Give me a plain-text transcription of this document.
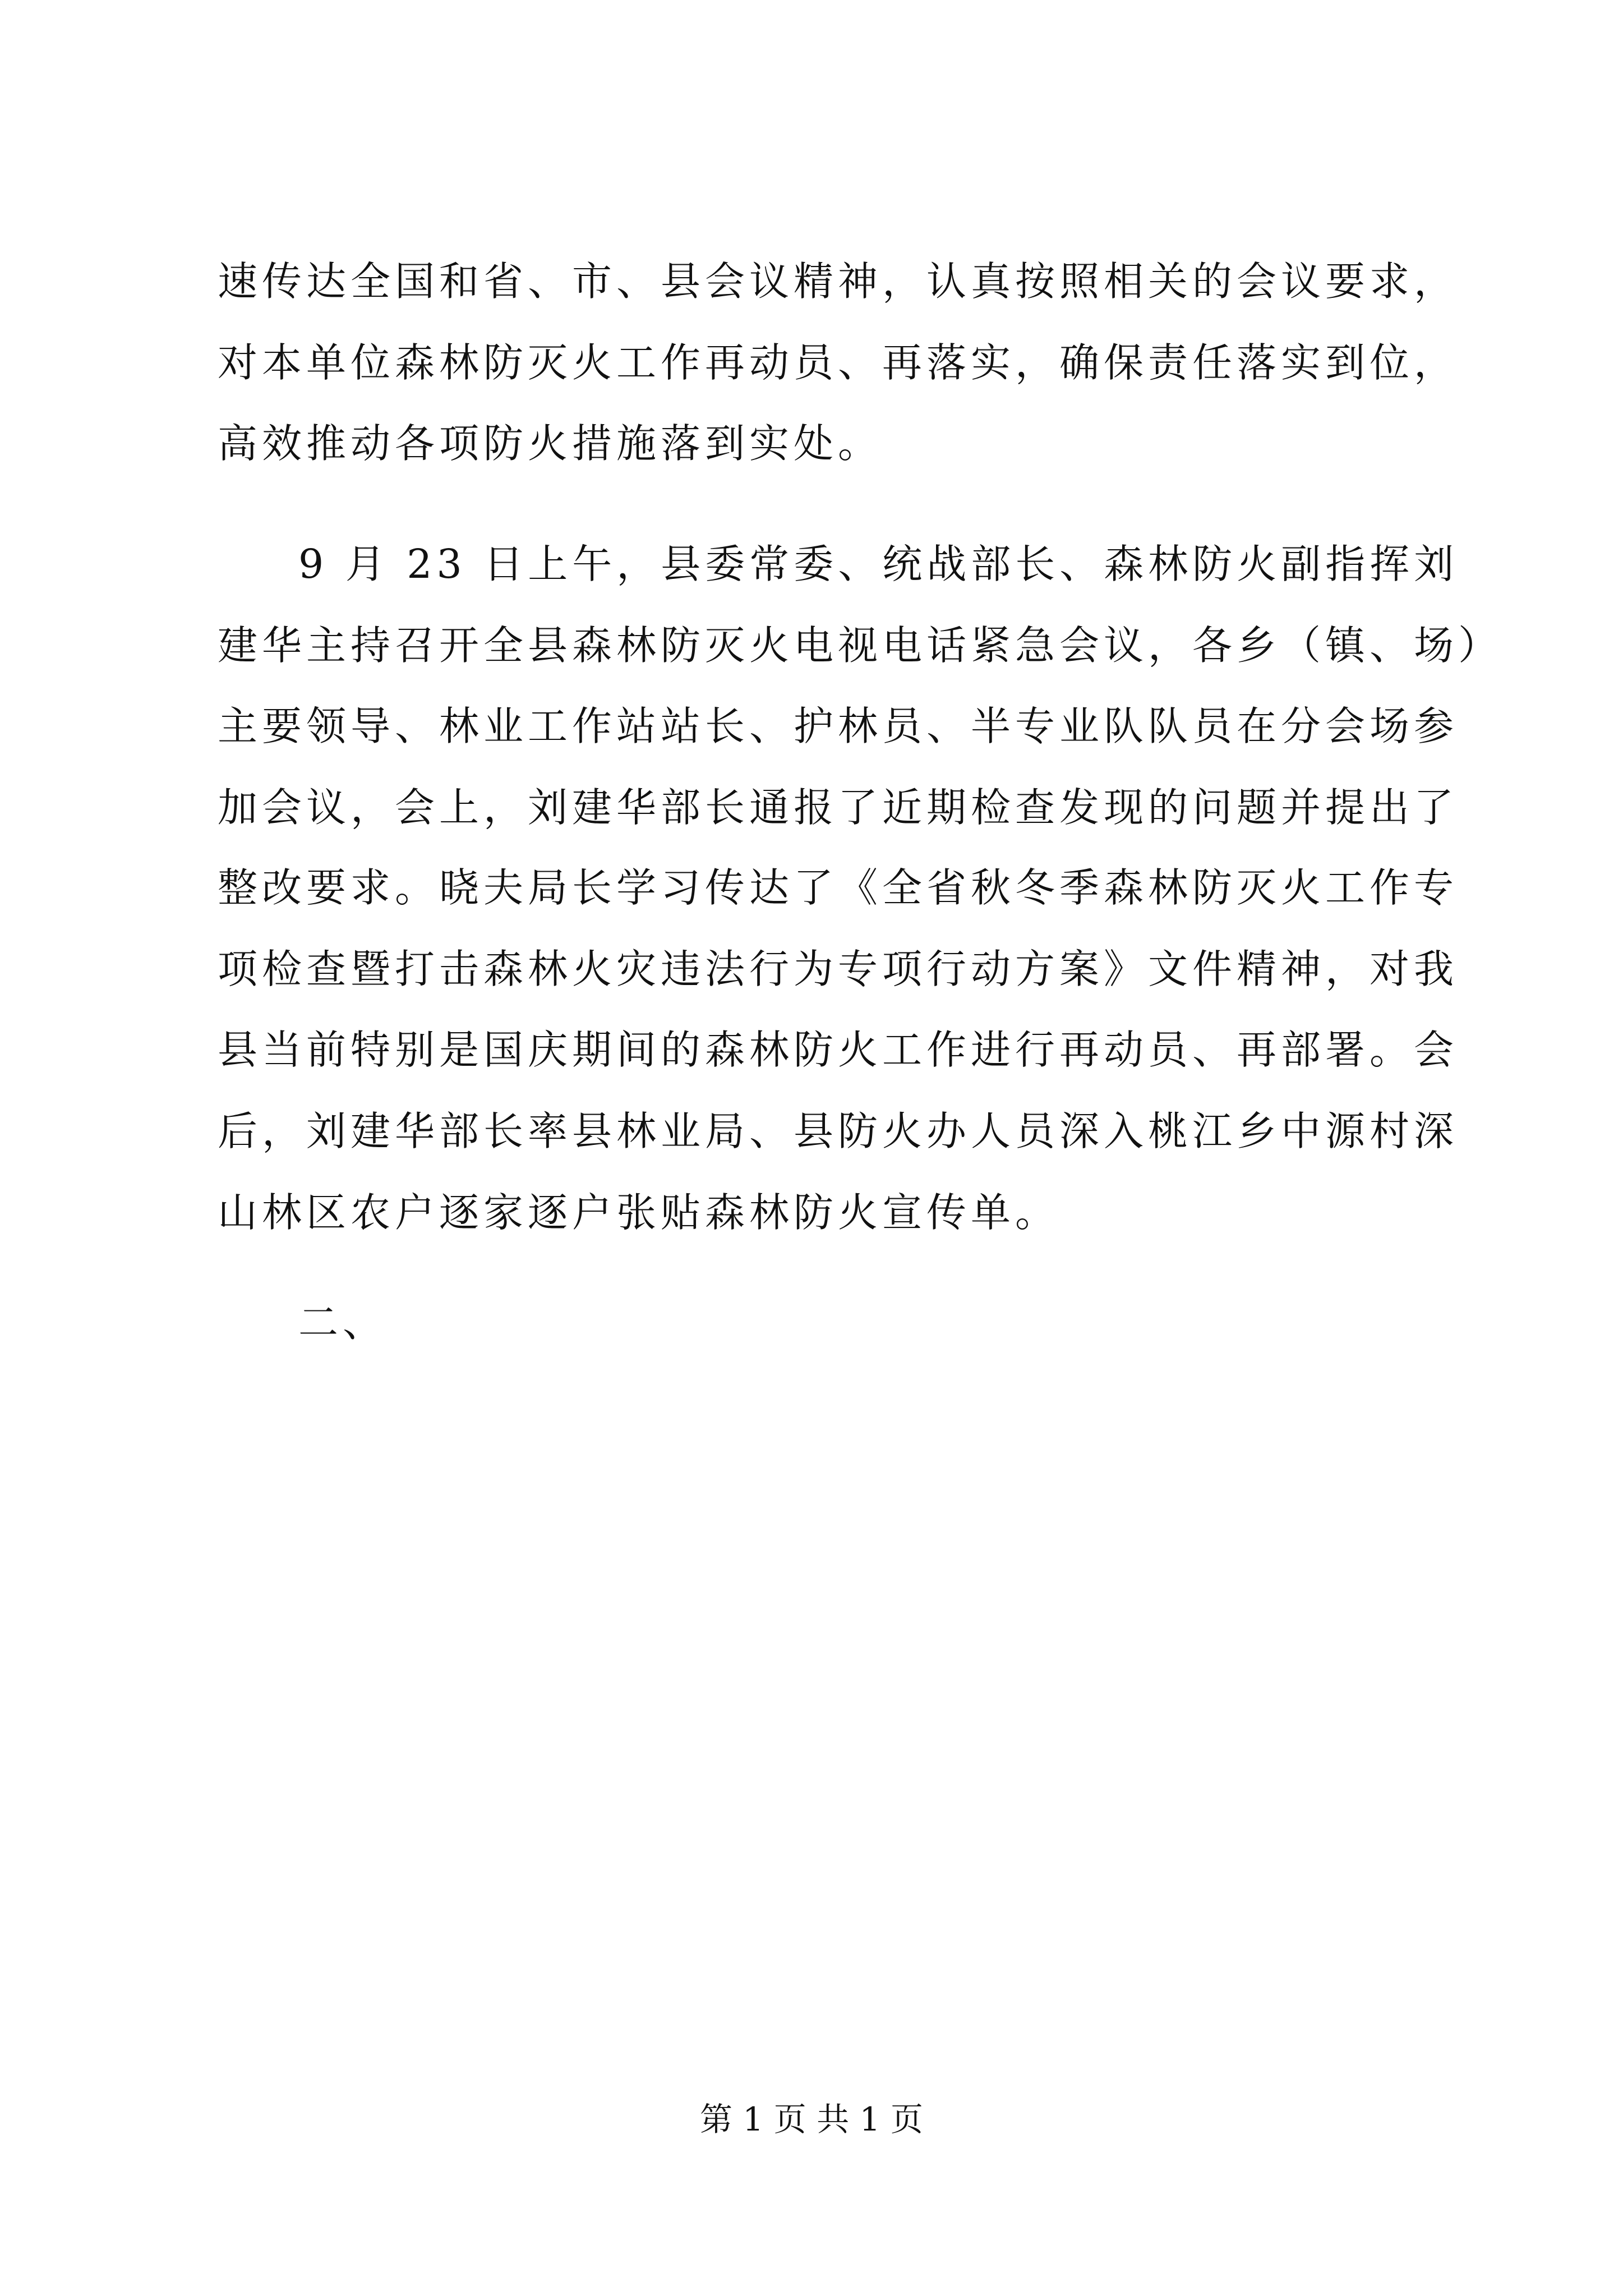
速传达全国和省、市、县会议精神，认真按照相关的会议要求，
对本单位森林防灭火工作再动员、再落实，确保责任落实到位，
高效推动各项防火措施落到实处。
9 月 23 日上午，县委常委、统战部长、森林防火副指挥刘
建华主持召开全县森林防灭火电视电话紧急会议，各乡（镇、场）
主要领导、林业工作站站长、护林员、半专业队队员在分会场参
加会议，会上，刘建华部长通报了近期检查发现的问题并提出了
整改要求。晓夫局长学习传达了《全省秋冬季森林防灭火工作专
项检查暨打击森林火灾违法行为专项行动方案》文件精神，对我
县当前特别是国庆期间的森林防火工作进行再动员、再部署。会
后，刘建华部长率县林业局、县防火办人员深入桃江乡中源村深
山林区农户逐家逐户张贴森林防火宣传单。
二、
第 1 页 共 1 页
